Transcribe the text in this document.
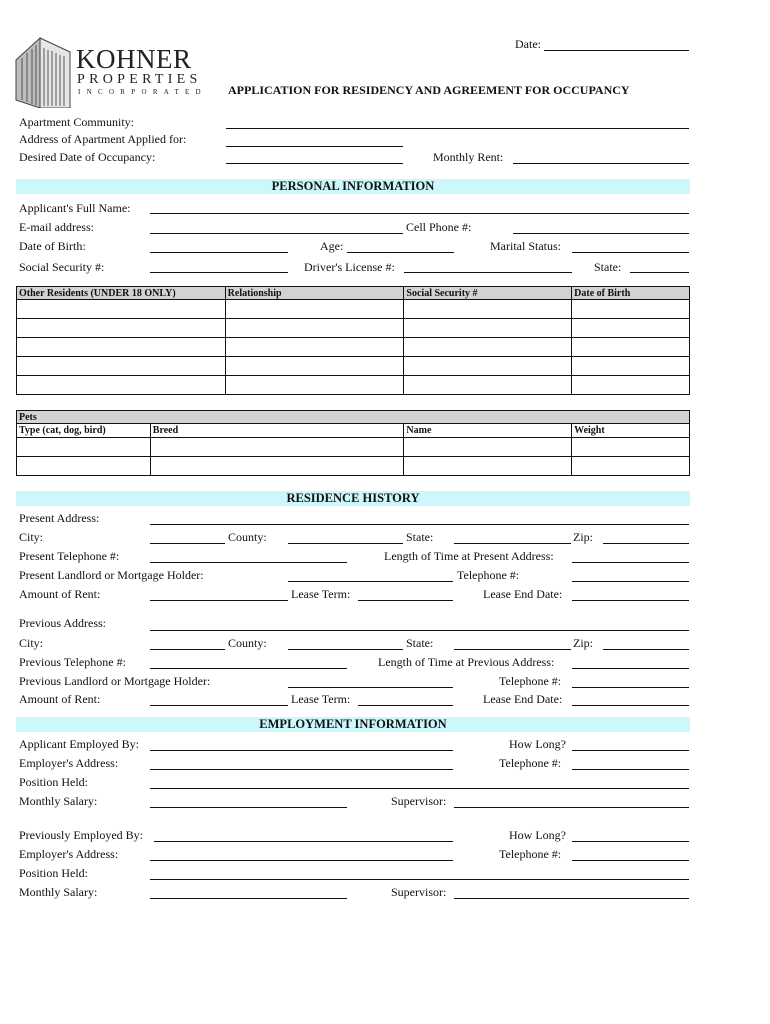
KOHNER
PROPERTIES
INCORPORATED
Date:
APPLICATION FOR RESIDENCY AND AGREEMENT FOR OCCUPANCY
Apartment Community:
Address of Apartment Applied for:
Desired Date of Occupancy:	Monthly Rent:
PERSONAL INFORMATION
Applicant's Full Name:
E-mail address:	Cell Phone #:
Date of Birth:	Age:	Marital Status:
Social Security #:	Driver's License #:	State:
Other Residents (UNDER 18 ONLY)	Relationship	Social Security #	Date of Birth

Pets			
Type (cat, dog, bird)	Breed	Name	Weight

RESIDENCE HISTORY
Present Address:
City:	County:	State:	Zip:
Present Telephone #:	Length of Time at Present Address:
Present Landlord or Mortgage Holder:	Telephone #:
Amount of Rent:	Lease Term:	Lease End Date:
Previous Address:
City:	County:	State:	Zip:
Previous Telephone #:	Length of Time at Previous Address:
Previous Landlord or Mortgage Holder:	Telephone #:
Amount of Rent:	Lease Term:	Lease End Date:
EMPLOYMENT INFORMATION
Applicant Employed By:	How Long?
Employer's Address:	Telephone #:
Position Held:
Monthly Salary:	Supervisor:
Previously Employed By:	How Long?
Employer's Address:	Telephone #:
Position Held:
Monthly Salary:	Supervisor:
